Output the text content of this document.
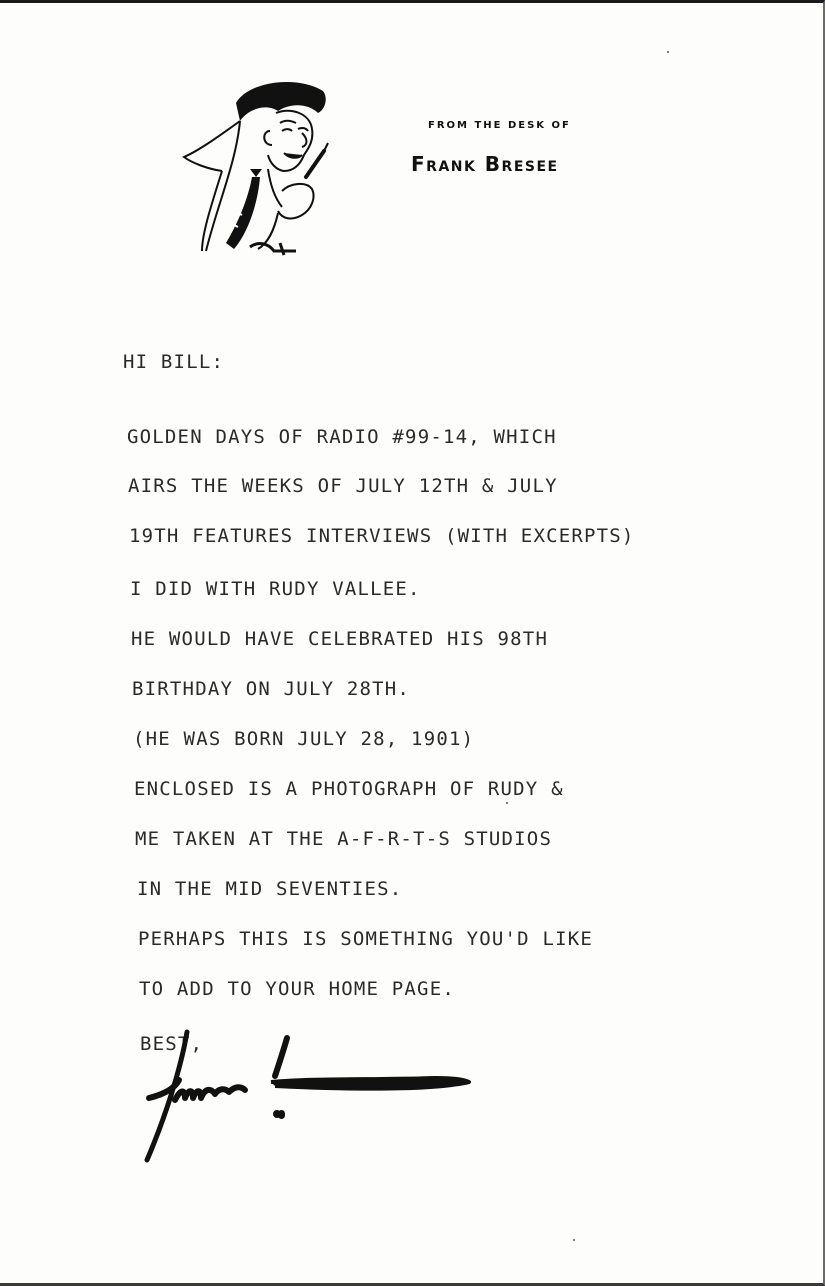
FROM THE DESK OF
Frank Bresee
HI BILL:
GOLDEN DAYS OF RADIO #99-14, WHICH
AIRS THE WEEKS OF JULY 12TH & JULY
19TH FEATURES INTERVIEWS (WITH EXCERPTS)
I DID WITH RUDY VALLEE.
HE WOULD HAVE CELEBRATED HIS 98TH
BIRTHDAY ON JULY 28TH.
(HE WAS BORN JULY 28, 1901)
ENCLOSED IS A PHOTOGRAPH OF RUDY &
ME TAKEN AT THE A-F-R-T-S STUDIOS
IN THE MID SEVENTIES.
PERHAPS THIS IS SOMETHING YOU'D LIKE
TO ADD TO YOUR HOME PAGE.
BEST,
